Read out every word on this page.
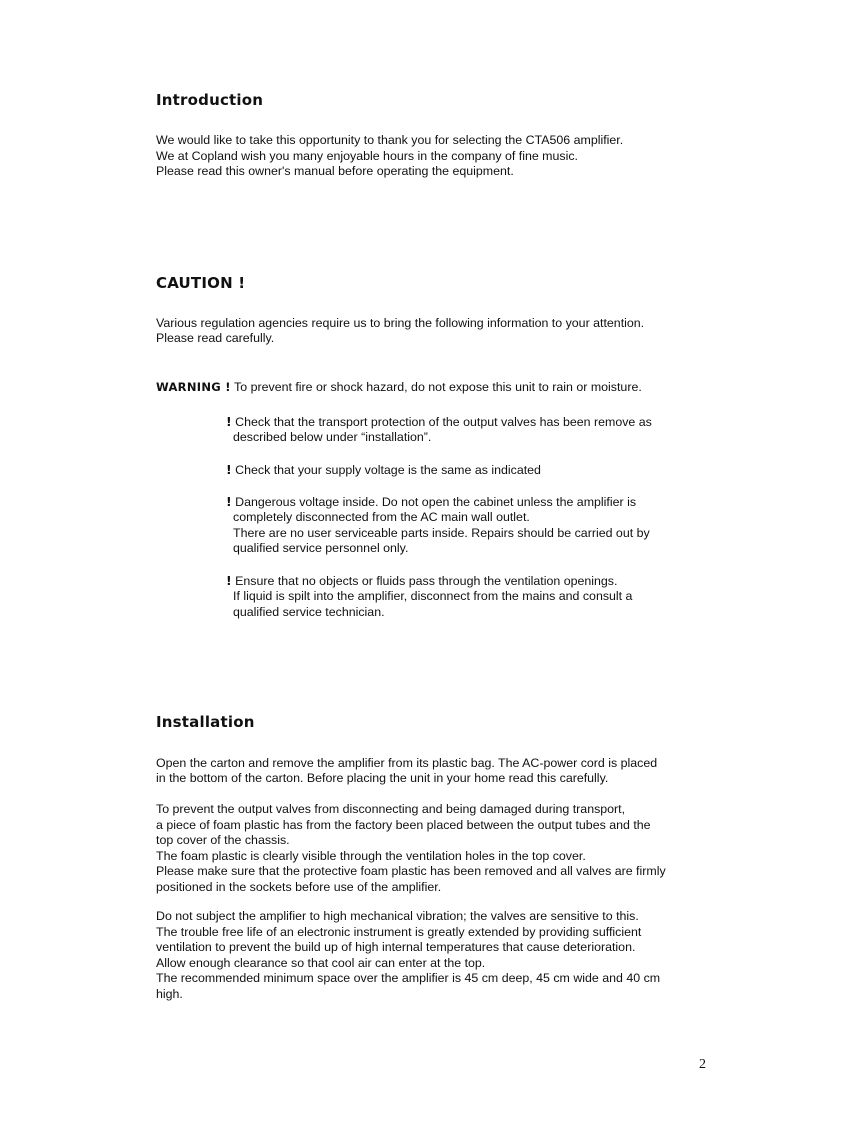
Introduction
We would like to take this opportunity to thank you for selecting the CTA506 amplifier.
We at Copland wish you many enjoyable hours in the company of fine music.
Please read this owner's manual before operating the equipment.
CAUTION !
Various regulation agencies require us to bring the following information to your attention.
Please read carefully.
WARNING ! To prevent fire or shock hazard, do not expose this unit to rain or moisture.
! Check that the transport protection of the output valves has been remove as
described below under “installation”.
! Check that your supply voltage is the same as indicated
! Dangerous voltage inside. Do not open the cabinet unless the amplifier is
completely disconnected from the AC main wall outlet.
There are no user serviceable parts inside. Repairs should be carried out by
qualified service personnel only.
! Ensure that no objects or fluids pass through the ventilation openings.
If liquid is spilt into the amplifier, disconnect from the mains and consult a
qualified service technician.
Installation
Open the carton and remove the amplifier from its plastic bag. The AC-power cord is placed
in the bottom of the carton. Before placing the unit in your home read this carefully.
To prevent the output valves from disconnecting and being damaged during transport,
a piece of foam plastic has from the factory been placed between the output tubes and the
top cover of the chassis.
The foam plastic is clearly visible through the ventilation holes in the top cover.
Please make sure that the protective foam plastic has been removed and all valves are firmly
positioned in the sockets before use of the amplifier.
Do not subject the amplifier to high mechanical vibration; the valves are sensitive to this.
The trouble free life of an electronic instrument is greatly extended by providing sufficient
ventilation to prevent the build up of high internal temperatures that cause deterioration.
Allow enough clearance so that cool air can enter at the top.
The recommended minimum space over the amplifier is 45 cm deep, 45 cm wide and 40 cm
high.
2
